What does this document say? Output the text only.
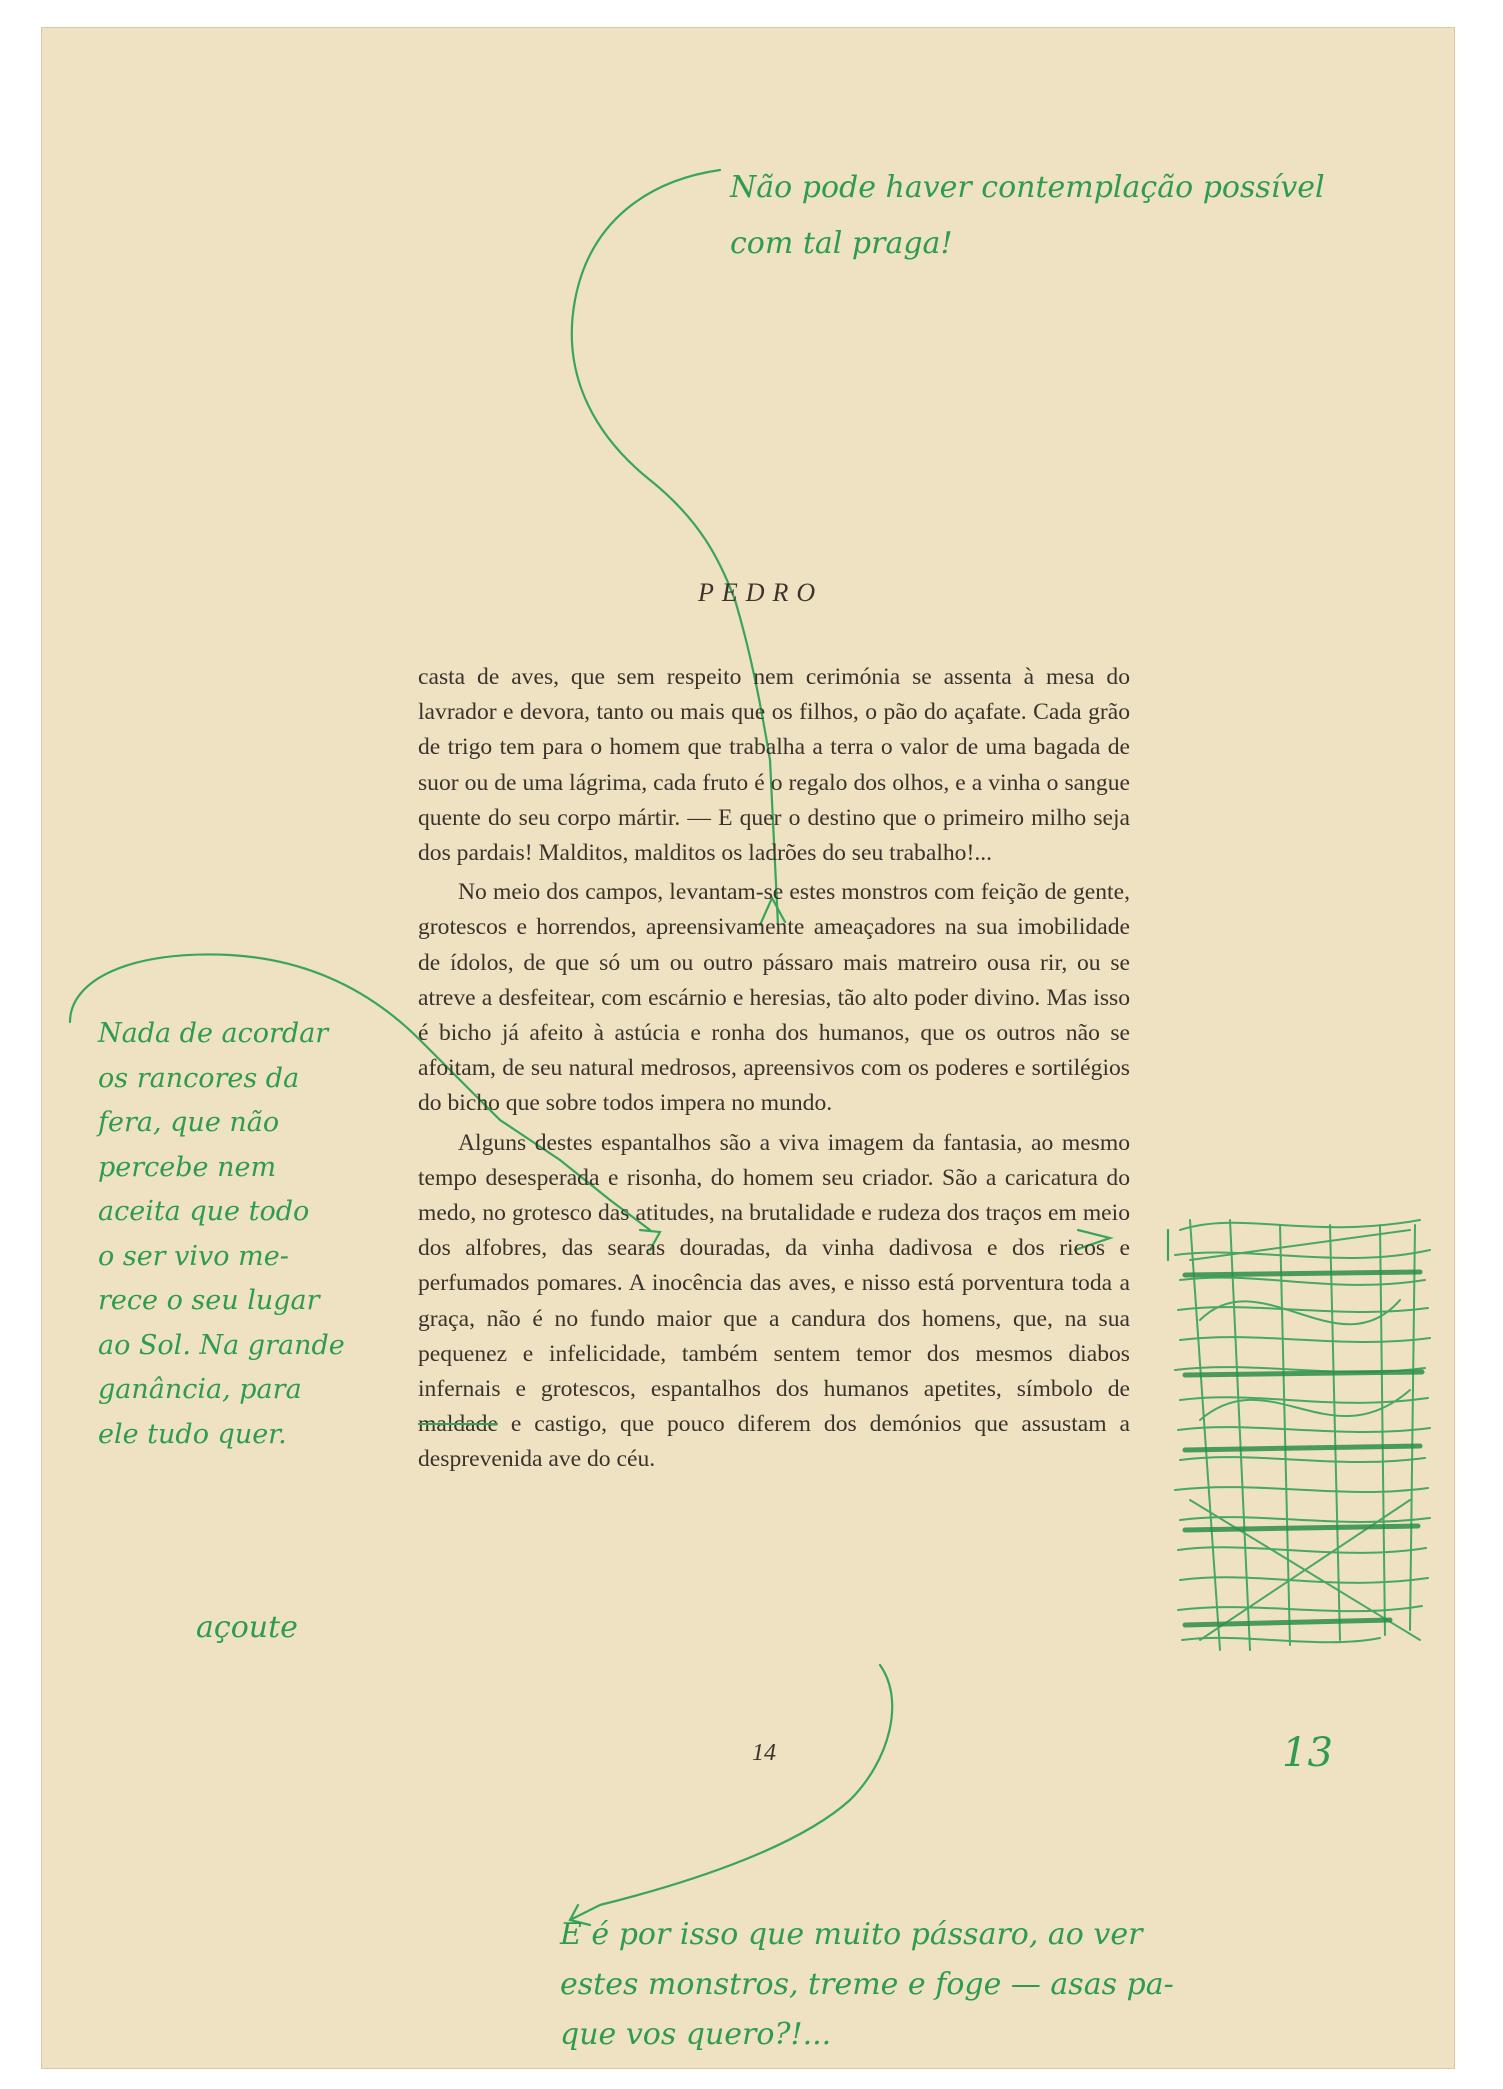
PEDRO

casta de aves, que sem respeito nem cerimónia se assenta à mesa do lavrador e devora, tanto ou mais que os filhos, o pão do açafate. Cada grão de trigo tem para o homem que trabalha a terra o valor de uma bagada de suor ou de uma lágrima, cada fruto é o regalo dos olhos, e a vinha o sangue quente do seu corpo mártir. — E quer o destino que o primeiro milho seja dos pardais! Malditos, malditos os ladrões do seu trabalho!...

No meio dos campos, levantam-se estes monstros com feição de gente, grotescos e horrendos, apreensivamente ameaçadores na sua imobilidade de ídolos, de que só um ou outro pássaro mais matreiro ousa rir, ou se atreve a desfeitear, com escárnio e heresias, tão alto poder divino. Mas isso é bicho já afeito à astúcia e ronha dos humanos, que os outros não se afoitam, de seu natural medrosos, apreensivos com os poderes e sortilégios do bicho que sobre todos impera no mundo.

Alguns destes espantalhos são a viva imagem da fantasia, ao mesmo tempo desesperada e risonha, do homem seu criador. São a caricatura do medo, no grotesco das atitudes, na brutalidade e rudeza dos traços em meio dos alfobres, das searas douradas, da vinha dadivosa e dos ricos e perfumados pomares. A inocência das aves, e nisso está porventura toda a graça, não é no fundo maior que a candura dos homens, que, na sua pequenez e infelicidade, também sentem temor dos mesmos diabos infernais e grotescos, espantalhos dos humanos apetites, símbolo de maldade e castigo, que pouco diferem dos demónios que assustam a desprevenida ave do céu.

14
Não pode haver contemplação possível com tal praga!
Nada de acordar
os rancores da
fera, que não
percebe nem
aceita que todo
o ser vivo me-
rece o seu lugar
ao Sol. Na grande
ganância, para
ele tudo quer.
açoute
13
E é por isso que muito pássaro, ao ver
estes monstros, treme e foge — asas pa-
que vos quero?!...
